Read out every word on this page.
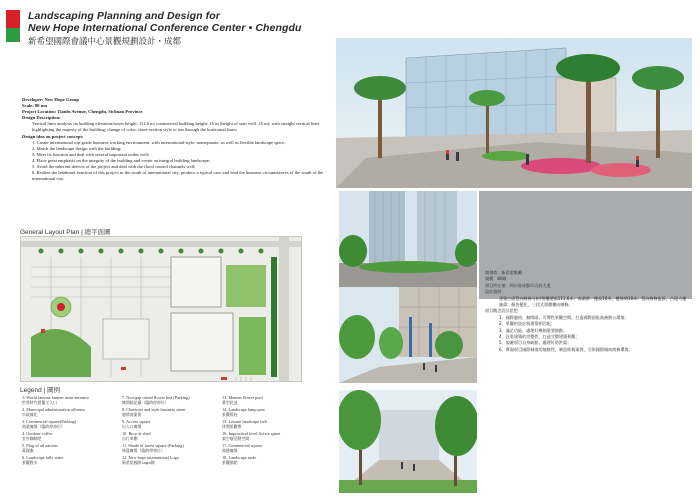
Landscaping Planning and Design for
New Hope International Conference Center • Chengdu
新希望國際會議中心景觀規劃設計・成都
Developer: New Hope Group
Scale: 80 mu
Project Location: Tianfu Avenue, Chengdu, Sichuan Province
Design Description:
Vertical lines analysis on building elevation/tower height: 111.6 m; commercial building height: 16 m (height of stair well: 18 m); with straight vertical lines highlighting the majesty of the building; change of color: three-section style to run through the horizontal lines;
Design idea on project concept:
1. Create international top-grade business working environment, with international-style, nonseparate, as well as flexible landscape space;
2. Match the landscape design with the building;
3. Meet its function and deal with several important nodes well;
4. Place great emphasis on the integrity of the building and create an integral building landscape;
5. Avoid the inherent defects of the project and deal with the flood control channels well;
6. Realize the landmark function of this project in the south of international city, produce a typical case and lead the business circumstances of the south of the international city.
General Layout Plan | 總平面圖
Legend | 圖例
1. World famous lantern main entrance
世界時代燈籠主入口
2. Municipal administration affoestn
市政綠化
3. Commercial square(Parking)
商業廣場（臨時停車位）
4. Outdoor coffee
室外咖啡吧
5. Plug of all nations
萬國旗
6. Landscape falls water
景觀跌水
7. Non-gap raised flower bed (Parking)
無間隔花臺（臨時停車位）
8. Character and style business street
風情商業街
9. Access square
出入口廣場
10. Bicycle shed
自行車棚
11. Shade of forest square (Parking)
林蔭廣場（臨時停車位）
12. New hope international Logo
新希望國際Logo牌
13. Manner flower pool
番型花池
14. Landscape lamp post
景觀燈柱
15. Leisure landscape belt
休閒景觀帶
16. Impractical level Active space
架空層活動空間
17. Commercial square
商務廣場
18. Landscape node
景觀節點
開發商：新希望集團
規模：80畝
項目所在地：四川省成都市天府大道
設計說明：
建築立面豎向線條分析/塔樓總高111.6米；商業群：樓高16米，樓梯間18米；豎向線條挺拔，凸現大樓雄偉；顏色變化，三段式貫徹橫向線條。
項目概念設計思想：
1、國際風格、無間隔、可彈性景觀空間，打造國際頂級商務辦公環境；
2、景觀的設計與建築相匹配；
3、滿足功能，處理好幾個重要節點；
4、注重建築的完整性，打造完整建築景觀；
5、規避項目自身缺點，處理好防洪渠；
6、實現項目國際城南的地標性，制造經典案例，引領國際城南商務環境。
